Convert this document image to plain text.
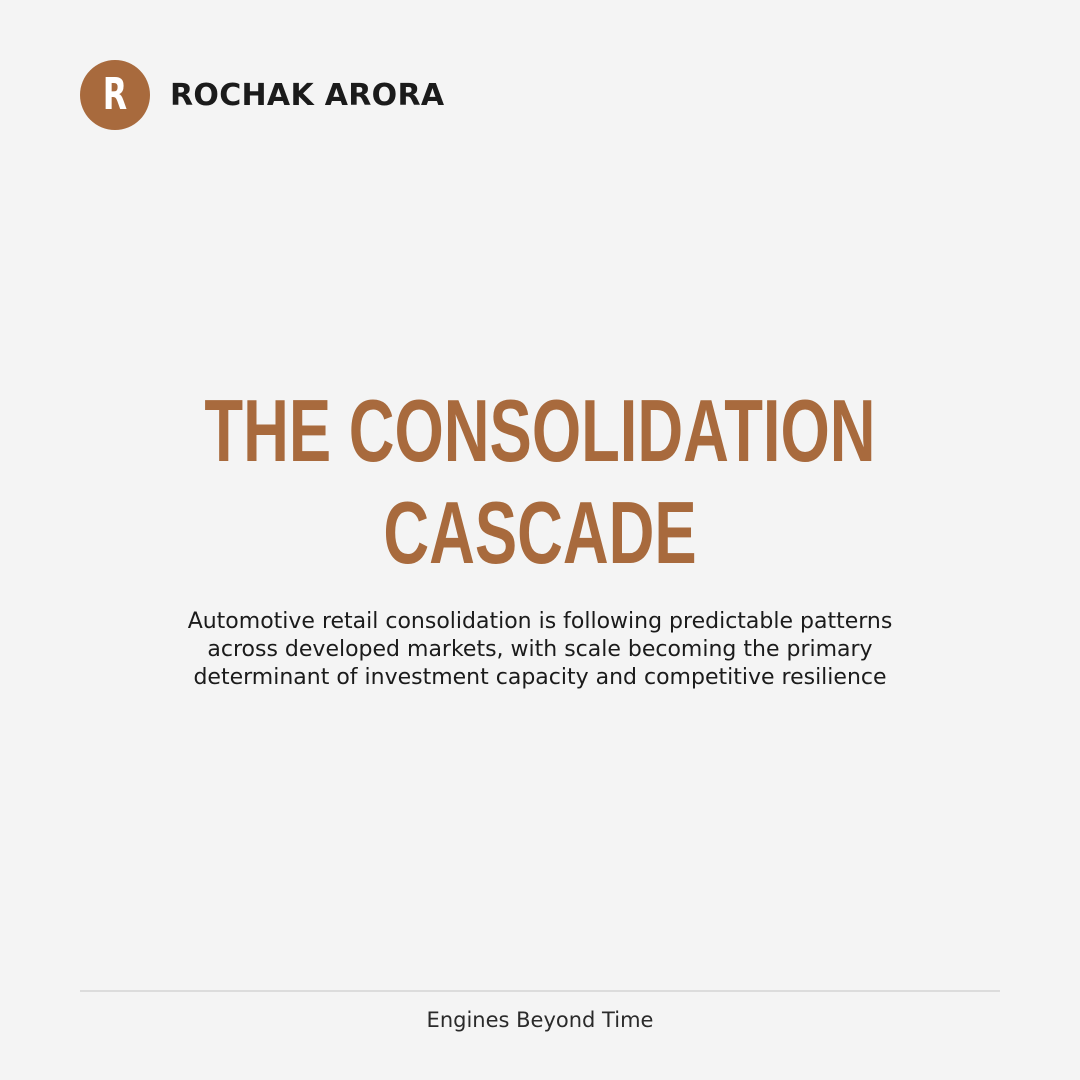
R ROCHAK ARORA
THE CONSOLIDATION
CASCADE
Automotive retail consolidation is following predictable patterns
across developed markets, with scale becoming the primary
determinant of investment capacity and competitive resilience
Engines Beyond Time
